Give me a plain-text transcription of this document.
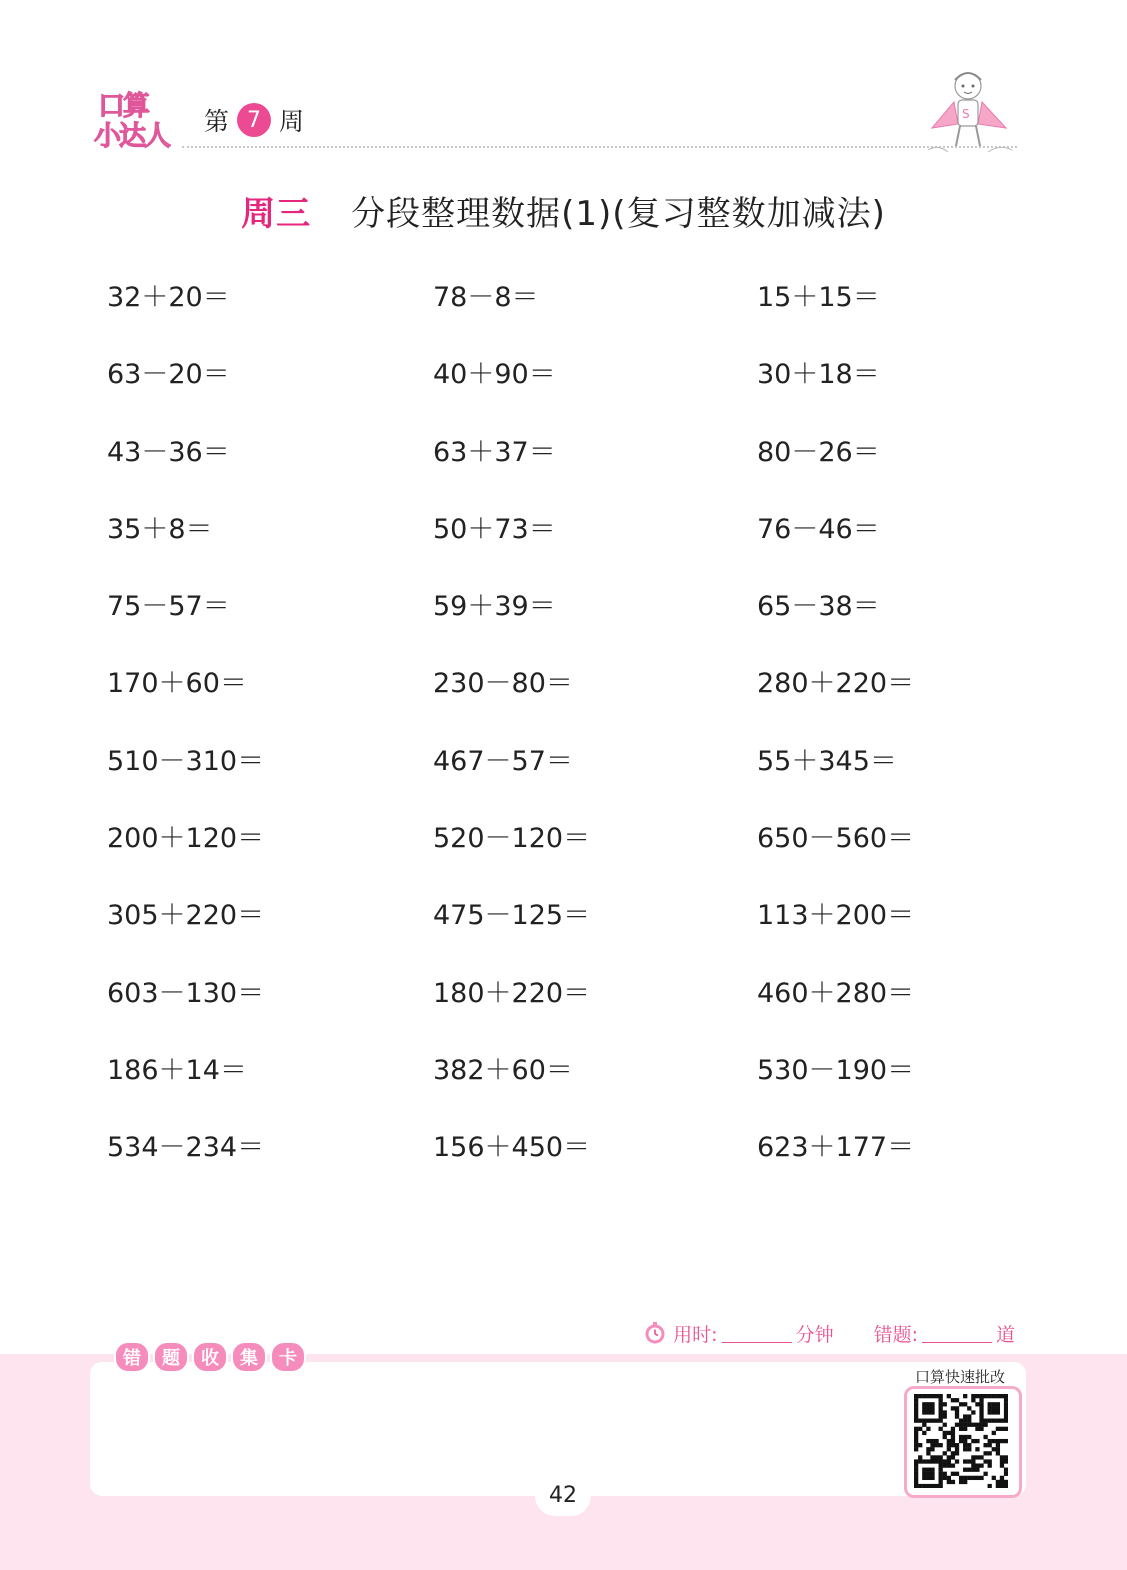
口算
小达人 第 7 周	S
周三 分段整理数据(1)(复习整数加减法)
32＋20＝	78－8＝	15＋15＝
63－20＝	40＋90＝	30＋18＝
43－36＝	63＋37＝	80－26＝
35＋8＝	50＋73＝	76－46＝
75－57＝	59＋39＝	65－38＝
170＋60＝	230－80＝	280＋220＝
510－310＝	467－57＝	55＋345＝
200＋120＝	520－120＝	650－560＝
305＋220＝	475－125＝	113＋200＝
603－130＝	180＋220＝	460＋280＝
186＋14＝	382＋60＝	530－190＝
534－234＝	156＋450＝	623＋177＝
用时:	分钟 错题:	道
错	题	收	集	卡
口算快速批改
42
